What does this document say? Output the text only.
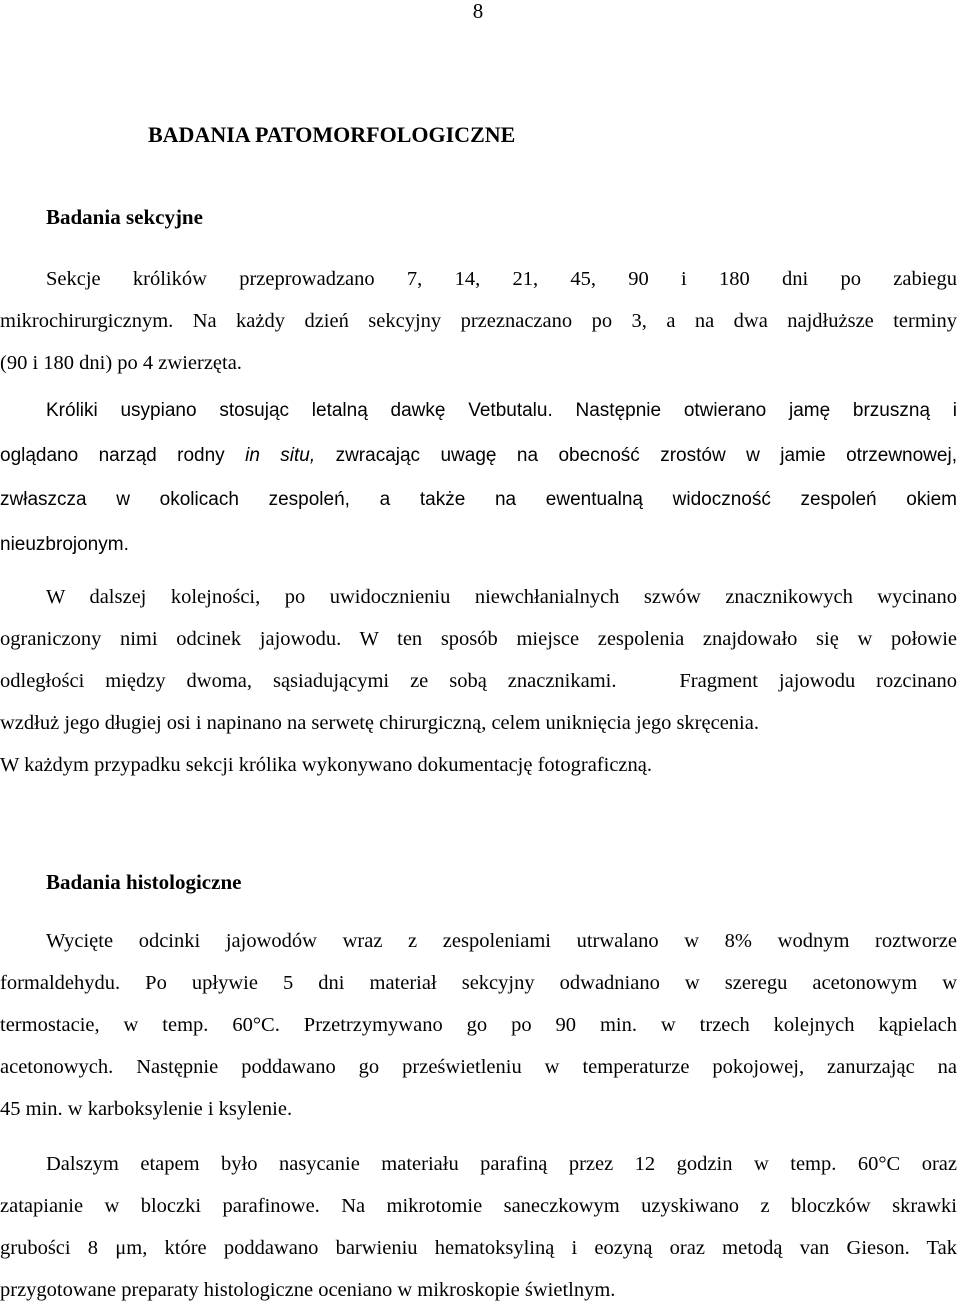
8
BADANIA PATOMORFOLOGICZNE
Badania sekcyjne
Sekcje królików przeprowadzano 7, 14, 21, 45, 90 i 180 dni po zabiegu
mikrochirurgicznym. Na każdy dzień sekcyjny przeznaczano po 3, a na dwa najdłuższe terminy
(90 i 180 dni) po 4 zwierzęta.
Króliki usypiano stosując letalną dawkę Vetbutalu. Następnie otwierano jamę brzuszną i
oglądano narząd rodny in situ, zwracając uwagę na obecność zrostów w jamie otrzewnowej,
zwłaszcza w okolicach zespoleń, a także na ewentualną widoczność zespoleń okiem
nieuzbrojonym.
W dalszej kolejności, po uwidocznieniu niewchłanialnych szwów znacznikowych wycinano
ograniczony nimi odcinek jajowodu. W ten sposób miejsce zespolenia znajdowało się w połowie
odległości między dwoma, sąsiadującymi ze sobą znacznikami.   Fragment jajowodu rozcinano
wzdłuż jego długiej osi i napinano na serwetę chirurgiczną, celem uniknięcia jego skręcenia.
W każdym przypadku sekcji królika wykonywano dokumentację fotograficzną.
Badania histologiczne
Wycięte odcinki jajowodów wraz z zespoleniami utrwalano w 8% wodnym roztworze
formaldehydu. Po upływie 5 dni materiał sekcyjny odwadniano w szeregu acetonowym w
termostacie, w temp. 60°C. Przetrzymywano go po 90 min. w trzech kolejnych kąpielach
acetonowych. Następnie poddawano go prześwietleniu w temperaturze pokojowej, zanurzając na
45 min. w karboksylenie i ksylenie.
Dalszym etapem było nasycanie materiału parafiną przez 12 godzin w temp. 60°C oraz
zatapianie w bloczki parafinowe. Na mikrotomie saneczkowym uzyskiwano z bloczków skrawki
grubości 8 μm, które poddawano barwieniu hematoksyliną i eozyną oraz metodą van Gieson. Tak
przygotowane preparaty histologiczne oceniano w mikroskopie świetlnym.
